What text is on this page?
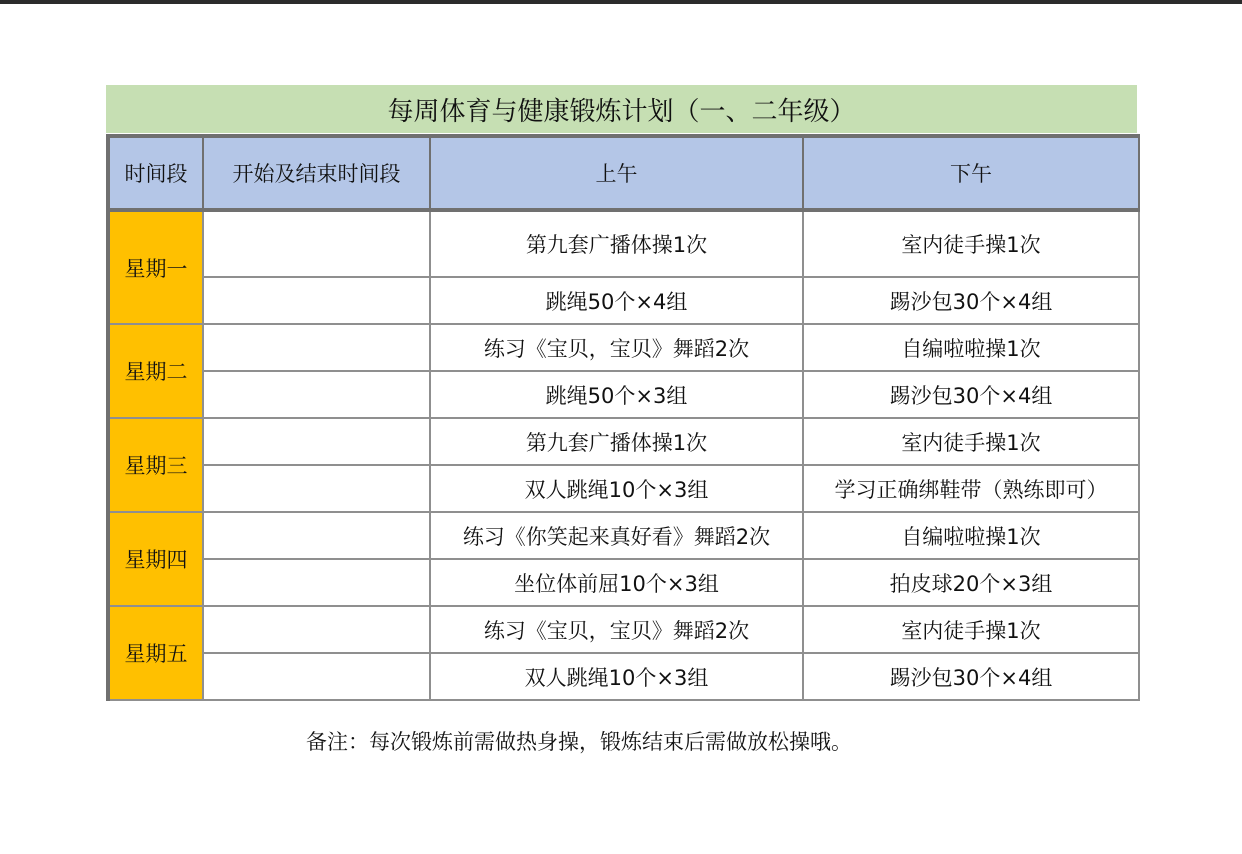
每周体育与健康锻炼计划（一、二年级）
时间段	开始及结束时间段	上午	下午
星期一		第九套广播体操1次	室内徒手操1次
		跳绳50个×4组	踢沙包30个×4组
星期二		练习《宝贝，宝贝》舞蹈2次	自编啦啦操1次
		跳绳50个×3组	踢沙包30个×4组
星期三		第九套广播体操1次	室内徒手操1次
		双人跳绳10个×3组	学习正确绑鞋带（熟练即可）
星期四		练习《你笑起来真好看》舞蹈2次	自编啦啦操1次
		坐位体前屈10个×3组	拍皮球20个×3组
星期五		练习《宝贝，宝贝》舞蹈2次	室内徒手操1次
		双人跳绳10个×3组	踢沙包30个×4组
备注：每次锻炼前需做热身操，锻炼结束后需做放松操哦。
